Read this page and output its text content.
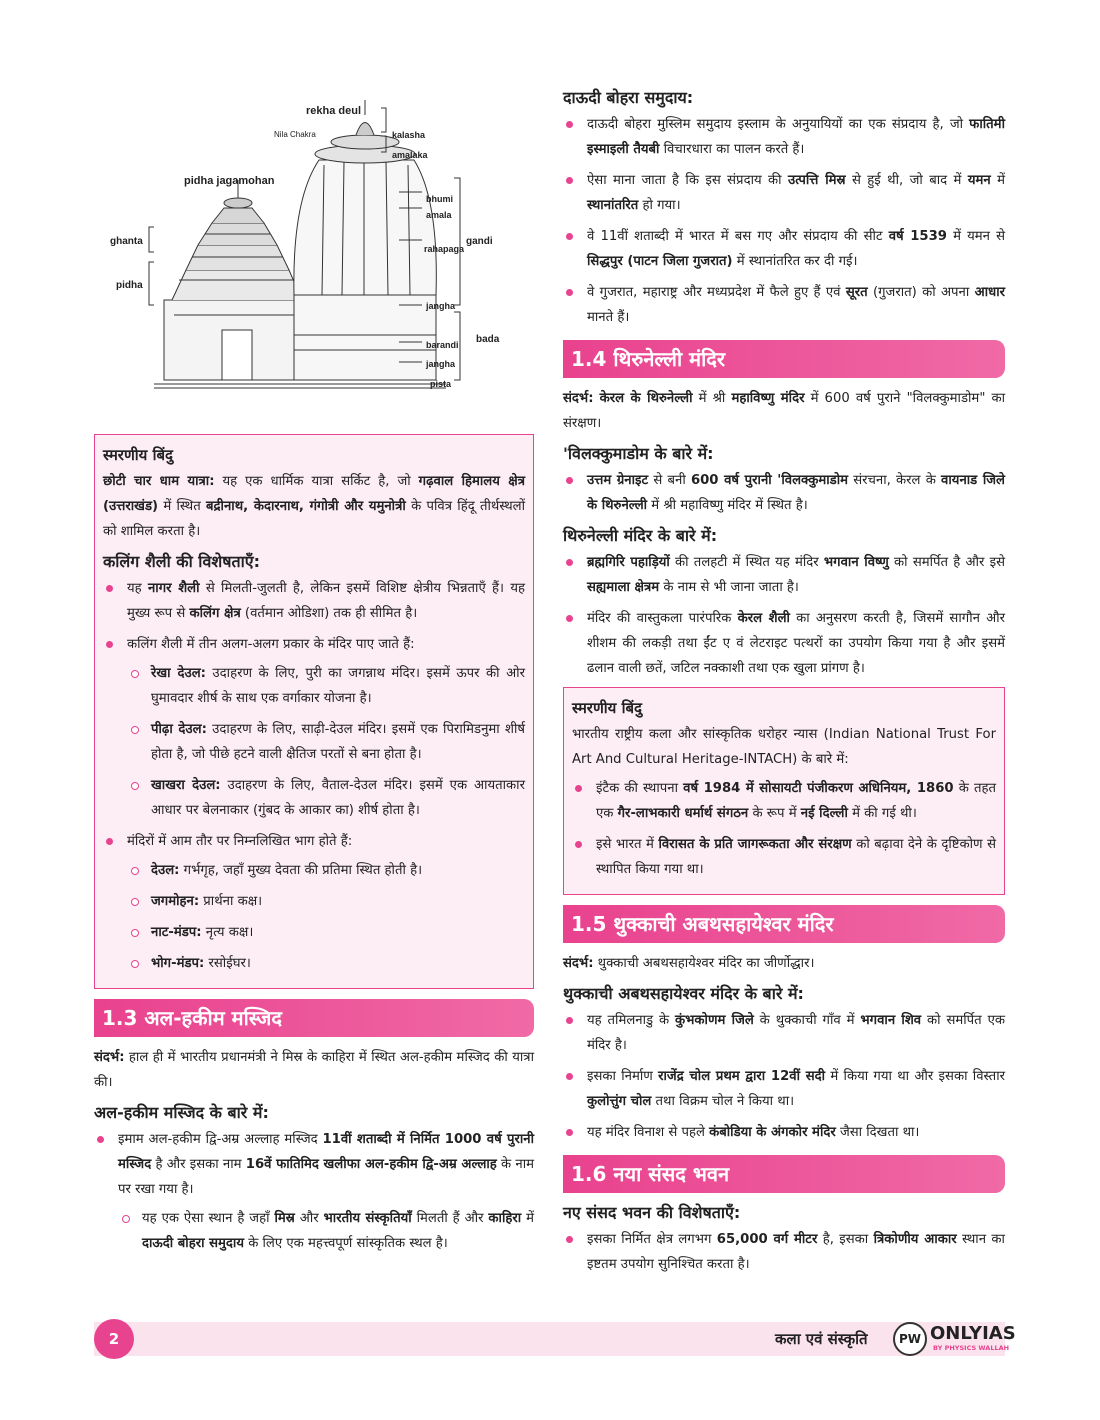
rekha deul
Nila Chakra	kalasha
amalaka
pidha jagamohan
bhumi
amala
gandi
ghanta
rahapaga
pidha
jangha
bada
barandi
jangha
pista
स्मरणीय बिंदु

छोटी चार धाम यात्रा: यह एक धार्मिक यात्रा सर्किट है, जो गढ़वाल हिमालय क्षेत्र (उत्तराखंड) में स्थित बद्रीनाथ, केदारनाथ, गंगोत्री और यमुनोत्री के पवित्र हिंदू तीर्थस्थलों को शामिल करता है।

कलिंग शैली की विशेषताएँ:
यह नागर शैली से मिलती-जुलती है, लेकिन इसमें विशिष्ट क्षेत्रीय भिन्नताएँ हैं। यह मुख्य रूप से कलिंग क्षेत्र (वर्तमान ओडिशा) तक ही सीमित है।
कलिंग शैली में तीन अलग-अलग प्रकार के मंदिर पाए जाते हैं:
रेखा देउल: उदाहरण के लिए, पुरी का जगन्नाथ मंदिर। इसमें ऊपर की ओर घुमावदार शीर्ष के साथ एक वर्गाकार योजना है।
पीढ़ा देउल: उदाहरण के लिए, साढ़ी-देउल मंदिर। इसमें एक पिरामिडनुमा शीर्ष होता है, जो पीछे हटने वाली क्षैतिज परतों से बना होता है।
खाखरा देउल: उदाहरण के लिए, वैताल-देउल मंदिर। इसमें एक आयताकार आधार पर बेलनाकार (गुंबद के आकार का) शीर्ष होता है।
मंदिरों में आम तौर पर निम्नलिखित भाग होते हैं:
देउल: गर्भगृह, जहाँ मुख्य देवता की प्रतिमा स्थित होती है।
जगमोहन: प्रार्थना कक्ष।
नाट-मंडप: नृत्य कक्ष।
भोग-मंडप: रसोईघर।
1.3 अल-हकीम मस्जिद

संदर्भ: हाल ही में भारतीय प्रधानमंत्री ने मिस्र के काहिरा में स्थित अल-हकीम मस्जिद की यात्रा की।

अल-हकीम मस्जिद के बारे में:
इमाम अल-हकीम द्वि-अम्र अल्लाह मस्जिद 11वीं शताब्दी में निर्मित 1000 वर्ष पुरानी मस्जिद है और इसका नाम 16वें फातिमिद खलीफा अल-हकीम द्वि-अम्र अल्लाह के नाम पर रखा गया है।
यह एक ऐसा स्थान है जहाँ मिस्र और भारतीय संस्कृतियाँ मिलती हैं और काहिरा में दाऊदी बोहरा समुदाय के लिए एक महत्त्वपूर्ण सांस्कृतिक स्थल है।
दाऊदी बोहरा समुदाय:
दाऊदी बोहरा मुस्लिम समुदाय इस्लाम के अनुयायियों का एक संप्रदाय है, जो फातिमी इस्माइली तैयबी विचारधारा का पालन करते हैं।
ऐसा माना जाता है कि इस संप्रदाय की उत्पत्ति मिस्र से हुई थी, जो बाद में यमन में स्थानांतरित हो गया।
वे 11वीं शताब्दी में भारत में बस गए और संप्रदाय की सीट वर्ष 1539 में यमन से सिद्धपुर (पाटन जिला गुजरात) में स्थानांतरित कर दी गई।
वे गुजरात, महाराष्ट्र और मध्यप्रदेश में फैले हुए हैं एवं सूरत (गुजरात) को अपना आधार मानते हैं।
1.4 थिरुनेल्ली मंदिर

संदर्भ: केरल के थिरुनेल्ली में श्री महाविष्णु मंदिर में 600 वर्ष पुराने "विलक्कुमाडोम" का संरक्षण।

'विलक्कुमाडोम के बारे में:
उत्तम ग्रेनाइट से बनी 600 वर्ष पुरानी 'विलक्कुमाडोम संरचना, केरल के वायनाड जिले के थिरुनेल्ली में श्री महाविष्णु मंदिर में स्थित है।
थिरुनेल्ली मंदिर के बारे में:
ब्रह्मगिरि पहाड़ियों की तलहटी में स्थित यह मंदिर भगवान विष्णु को समर्पित है और इसे सह्यमाला क्षेत्रम के नाम से भी जाना जाता है।
मंदिर की वास्तुकला पारंपरिक केरल शैली का अनुसरण करती है, जिसमें सागौन और शीशम की लकड़ी तथा ईंट ए वं लेटराइट पत्थरों का उपयोग किया गया है और इसमें ढलान वाली छतें, जटिल नक्काशी तथा एक खुला प्रांगण है।
स्मरणीय बिंदु

भारतीय राष्ट्रीय कला और सांस्कृतिक धरोहर न्यास (Indian National Trust For Art And Cultural Heritage-INTACH) के बारे में:

इंटैक की स्थापना वर्ष 1984 में सोसायटी पंजीकरण अधिनियम, 1860 के तहत एक गैर-लाभकारी धर्मार्थ संगठन के रूप में नई दिल्ली में की गई थी।
इसे भारत में विरासत के प्रति जागरूकता और संरक्षण को बढ़ावा देने के दृष्टिकोण से स्थापित किया गया था।
1.5 थुक्काची अबथसहायेश्वर मंदिर

संदर्भ: थुक्काची अबथसहायेश्वर मंदिर का जीर्णोद्धार।

थुक्काची अबथसहायेश्वर मंदिर के बारे में:
यह तमिलनाडु के कुंभकोणम जिले के थुक्काची गाँव में भगवान शिव को समर्पित एक मंदिर है।
इसका निर्माण राजेंद्र चोल प्रथम द्वारा 12वीं सदी में किया गया था और इसका विस्तार कुलोत्तुंग चोल तथा विक्रम चोल ने किया था।
यह मंदिर विनाश से पहले कंबोडिया के अंगकोर मंदिर जैसा दिखता था।
1.6 नया संसद भवन
नए संसद भवन की विशेषताएँ:
इसका निर्मित क्षेत्र लगभग 65,000 वर्ग मीटर है, इसका त्रिकोणीय आकार स्थान का इष्टतम उपयोग सुनिश्चित करता है।
2	कला एवं संस्कृति	PW ONLYIAS
BY PHYSICS WALLAH
